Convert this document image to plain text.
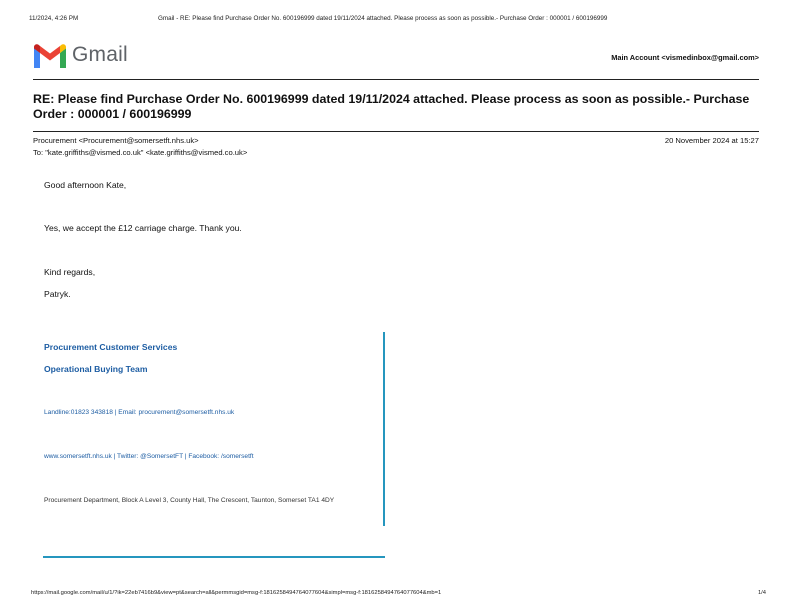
11/2024, 4:26 PM	Gmail - RE: Please find Purchase Order No. 600196999 dated 19/11/2024 attached. Please process as soon as possible.- Purchase Order : 000001 / 600196999
Gmail	Main Account <vismedinbox@gmail.com>
RE: Please find Purchase Order No. 600196999 dated 19/11/2024 attached. Please process as soon as possible.- Purchase Order : 000001 / 600196999
Procurement <Procurement@somersetft.nhs.uk>
To: "kate.griffiths@vismed.co.uk" <kate.griffiths@vismed.co.uk>
20 November 2024 at 15:27
Good afternoon Kate,
Yes, we accept the £12 carriage charge. Thank you.
Kind regards,
Patryk.
Procurement Customer Services
Operational Buying Team
Landline:01823 343818 | Email: procurement@somersetft.nhs.uk
www.somersetft.nhs.uk | Twitter: @SomersetFT | Facebook: /somersetft
Procurement Department, Block A Level 3, County Hall, The Crescent, Taunton, Somerset TA1 4DY
https://mail.google.com/mail/u/1/?ik=22eb7416b9&view=pt&search=all&permmsgid=msg-f:1816258494764077604&simpl=msg-f:1816258494764077604&mb=1	1/4
